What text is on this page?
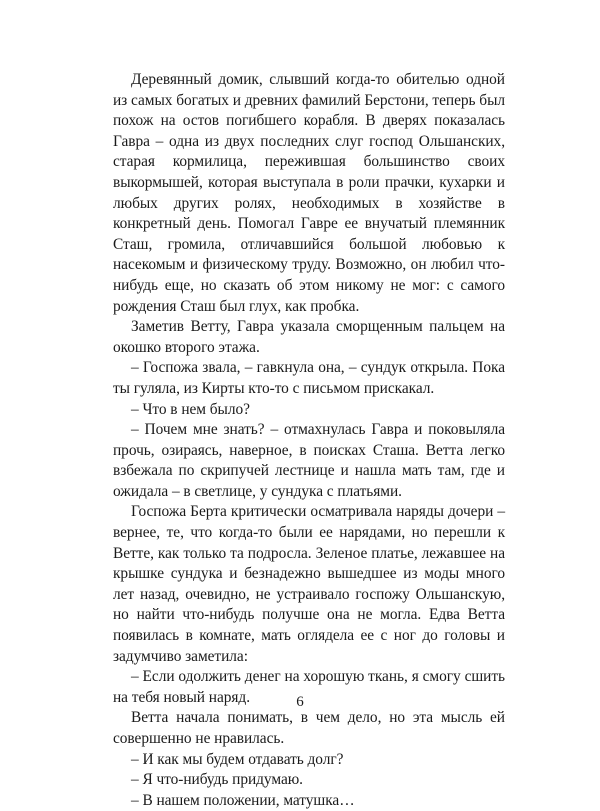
Деревянный домик, слывший когда-то обителью одной из самых богатых и древних фамилий Берстони, теперь был похож на остов погибшего корабля. В дверях показалась Гавра – одна из двух последних слуг господ Ольшанских, старая кормилица, пережившая большинство своих выкормышей, которая выступала в роли прачки, кухарки и любых других ролях, необходимых в хозяйстве в конкретный день. Помогал Гавре ее внучатый племянник Сташ, громила, отличавшийся большой любовью к насекомым и физическому труду. Возможно, он любил что-нибудь еще, но сказать об этом никому не мог: с самого рождения Сташ был глух, как пробка.

Заметив Ветту, Гавра указала сморщенным пальцем на окошко второго этажа.

– Госпожа звала, – гавкнула она, – сундук открыла. Пока ты гуляла, из Кирты кто-то с письмом прискакал.

– Что в нем было?

– Почем мне знать? – отмахнулась Гавра и поковыляла прочь, озираясь, наверное, в поисках Сташа. Ветта легко взбежала по скрипучей лестнице и нашла мать там, где и ожидала – в светлице, у сундука с платьями.

Госпожа Берта критически осматривала наряды дочери – вернее, те, что когда-то были ее нарядами, но перешли к Ветте, как только та подросла. Зеленое платье, лежавшее на крышке сундука и безнадежно вышедшее из моды много лет назад, очевидно, не устраивало госпожу Ольшанскую, но найти что-нибудь получше она не могла. Едва Ветта появилась в комнате, мать оглядела ее с ног до головы и задумчиво заметила:

– Если одолжить денег на хорошую ткань, я смогу сшить на тебя новый наряд.

Ветта начала понимать, в чем дело, но эта мысль ей совершенно не нравилась.

– И как мы будем отдавать долг?

– Я что-нибудь придумаю.

– В нашем положении, матушка…

6
